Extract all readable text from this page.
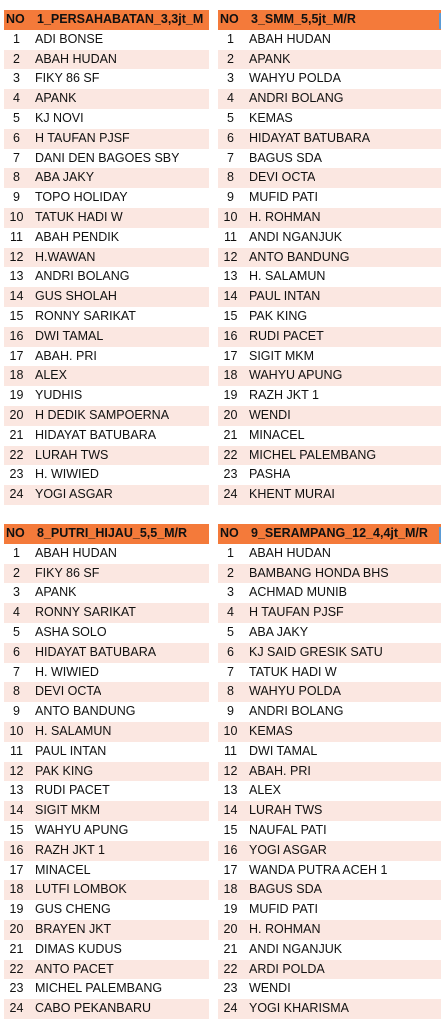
NO 1_PERSAHABATAN_3,3jt_M
1	ADI BONSE
2	ABAH HUDAN
3	FIKY 86 SF
4	APANK
5	KJ NOVI
6	H TAUFAN PJSF
7	DANI DEN BAGOES SBY
8	ABA JAKY
9	TOPO HOLIDAY
10 TATUK HADI W
11 ABAH PENDIK
12 H.WAWAN
13 ANDRI BOLANG
14 GUS SHOLAH
15 RONNY SARIKAT
16 DWI TAMAL
17 ABAH. PRI
18 ALEX
19 YUDHIS
20 H DEDIK SAMPOERNA
21 HIDAYAT BATUBARA
22 LURAH TWS
23 H. WIWIED
24 YOGI ASGAR
NO 3_SMM_5,5jt_M/R
1	ABAH HUDAN
2	APANK
3	WAHYU POLDA
4	ANDRI BOLANG
5	KEMAS
6	HIDAYAT BATUBARA
7	BAGUS SDA
8	DEVI OCTA
9	MUFID PATI
10 H. ROHMAN
11 ANDI NGANJUK
12 ANTO BANDUNG
13 H. SALAMUN
14 PAUL INTAN
15 PAK KING
16 RUDI PACET
17 SIGIT MKM
18 WAHYU APUNG
19 RAZH JKT 1
20 WENDI
21 MINACEL
22 MICHEL PALEMBANG
23 PASHA
24 KHENT MURAI
NO 8_PUTRI_HIJAU_5,5_M/R
1	ABAH HUDAN
2	FIKY 86 SF
3	APANK
4	RONNY SARIKAT
5	ASHA SOLO
6	HIDAYAT BATUBARA
7	H. WIWIED
8	DEVI OCTA
9	ANTO BANDUNG
10 H. SALAMUN
11 PAUL INTAN
12 PAK KING
13 RUDI PACET
14 SIGIT MKM
15 WAHYU APUNG
16 RAZH JKT 1
17 MINACEL
18 LUTFI LOMBOK
19 GUS CHENG
20 BRAYEN JKT
21 DIMAS KUDUS
22 ANTO PACET
23 MICHEL PALEMBANG
24 CABO PEKANBARU
NO 9_SERAMPANG_12_4,4jt_M/R
1	ABAH HUDAN
2	BAMBANG HONDA BHS
3	ACHMAD MUNIB
4	H TAUFAN PJSF
5	ABA JAKY
6	KJ SAID GRESIK SATU
7	TATUK HADI W
8	WAHYU POLDA
9	ANDRI BOLANG
10 KEMAS
11 DWI TAMAL
12 ABAH. PRI
13 ALEX
14 LURAH TWS
15 NAUFAL PATI
16 YOGI ASGAR
17 WANDA PUTRA ACEH 1
18 BAGUS SDA
19 MUFID PATI
20 H. ROHMAN
21 ANDI NGANJUK
22 ARDI POLDA
23 WENDI
24 YOGI KHARISMA
